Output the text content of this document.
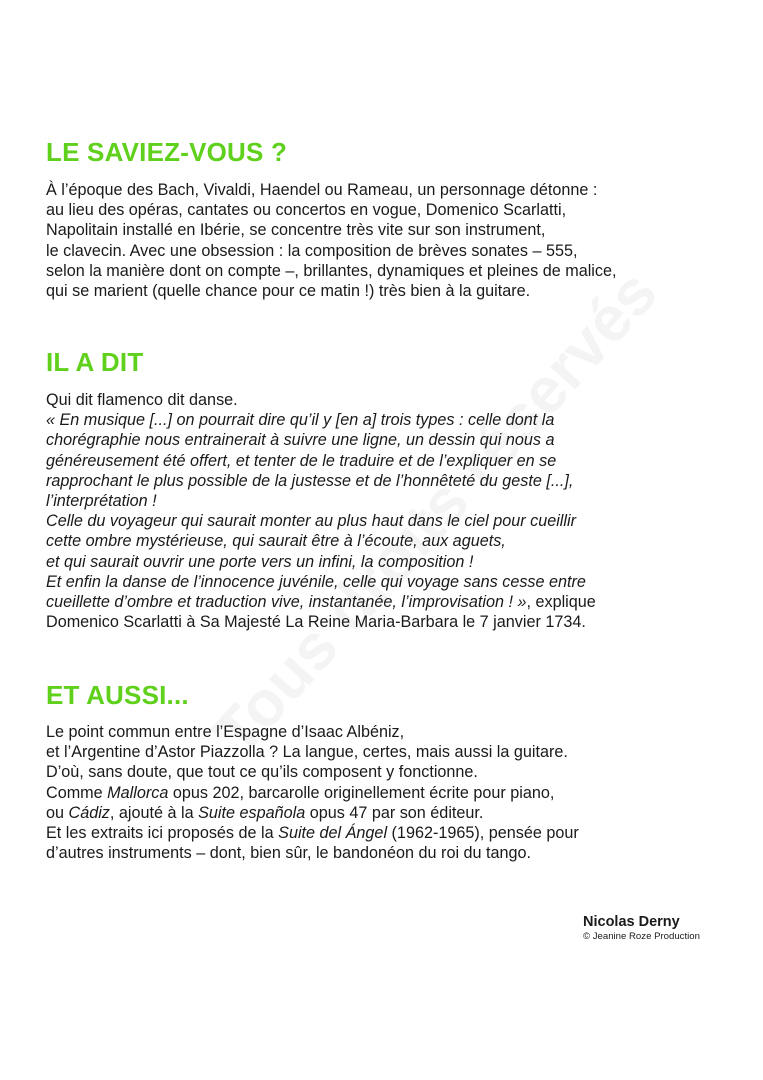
LE SAVIEZ-VOUS ?
À l’époque des Bach, Vivaldi, Haendel ou Rameau, un personnage détonne :
au lieu des opéras, cantates ou concertos en vogue, Domenico Scarlatti,
Napolitain installé en Ibérie, se concentre très vite sur son instrument,
le clavecin. Avec une obsession : la composition de brèves sonates – 555,
selon la manière dont on compte –, brillantes, dynamiques et pleines de malice,
qui se marient (quelle chance pour ce matin !) très bien à la guitare.
IL A DIT
Qui dit flamenco dit danse.
« En musique [...] on pourrait dire qu’il y [en a] trois types : celle dont la
chorégraphie nous entrainerait à suivre une ligne, un dessin qui nous a
généreusement été offert, et tenter de le traduire et de l’expliquer en se
rapprochant le plus possible de la justesse et de l’honnêteté du geste [...],
l’interprétation !
Celle du voyageur qui saurait monter au plus haut dans le ciel pour cueillir
cette ombre mystérieuse, qui saurait être à l’écoute, aux aguets,
et qui saurait ouvrir une porte vers un infini, la composition !
Et enfin la danse de l’innocence juvénile, celle qui voyage sans cesse entre
cueillette d’ombre et traduction vive, instantanée, l’improvisation ! », explique
Domenico Scarlatti à Sa Majesté La Reine Maria-Barbara le 7 janvier 1734.
ET AUSSI...
Le point commun entre l’Espagne d’Isaac Albéniz,
et l’Argentine d’Astor Piazzolla ? La langue, certes, mais aussi la guitare.
D’où, sans doute, que tout ce qu’ils composent y fonctionne.
Comme Mallorca opus 202, barcarolle originellement écrite pour piano,
ou Cádiz, ajouté à la Suite española opus 47 par son éditeur.
Et les extraits ici proposés de la Suite del Ángel (1962-1965), pensée pour
d’autres instruments – dont, bien sûr, le bandonéon du roi du tango.
Nicolas Derny
© Jeanine Roze Production
